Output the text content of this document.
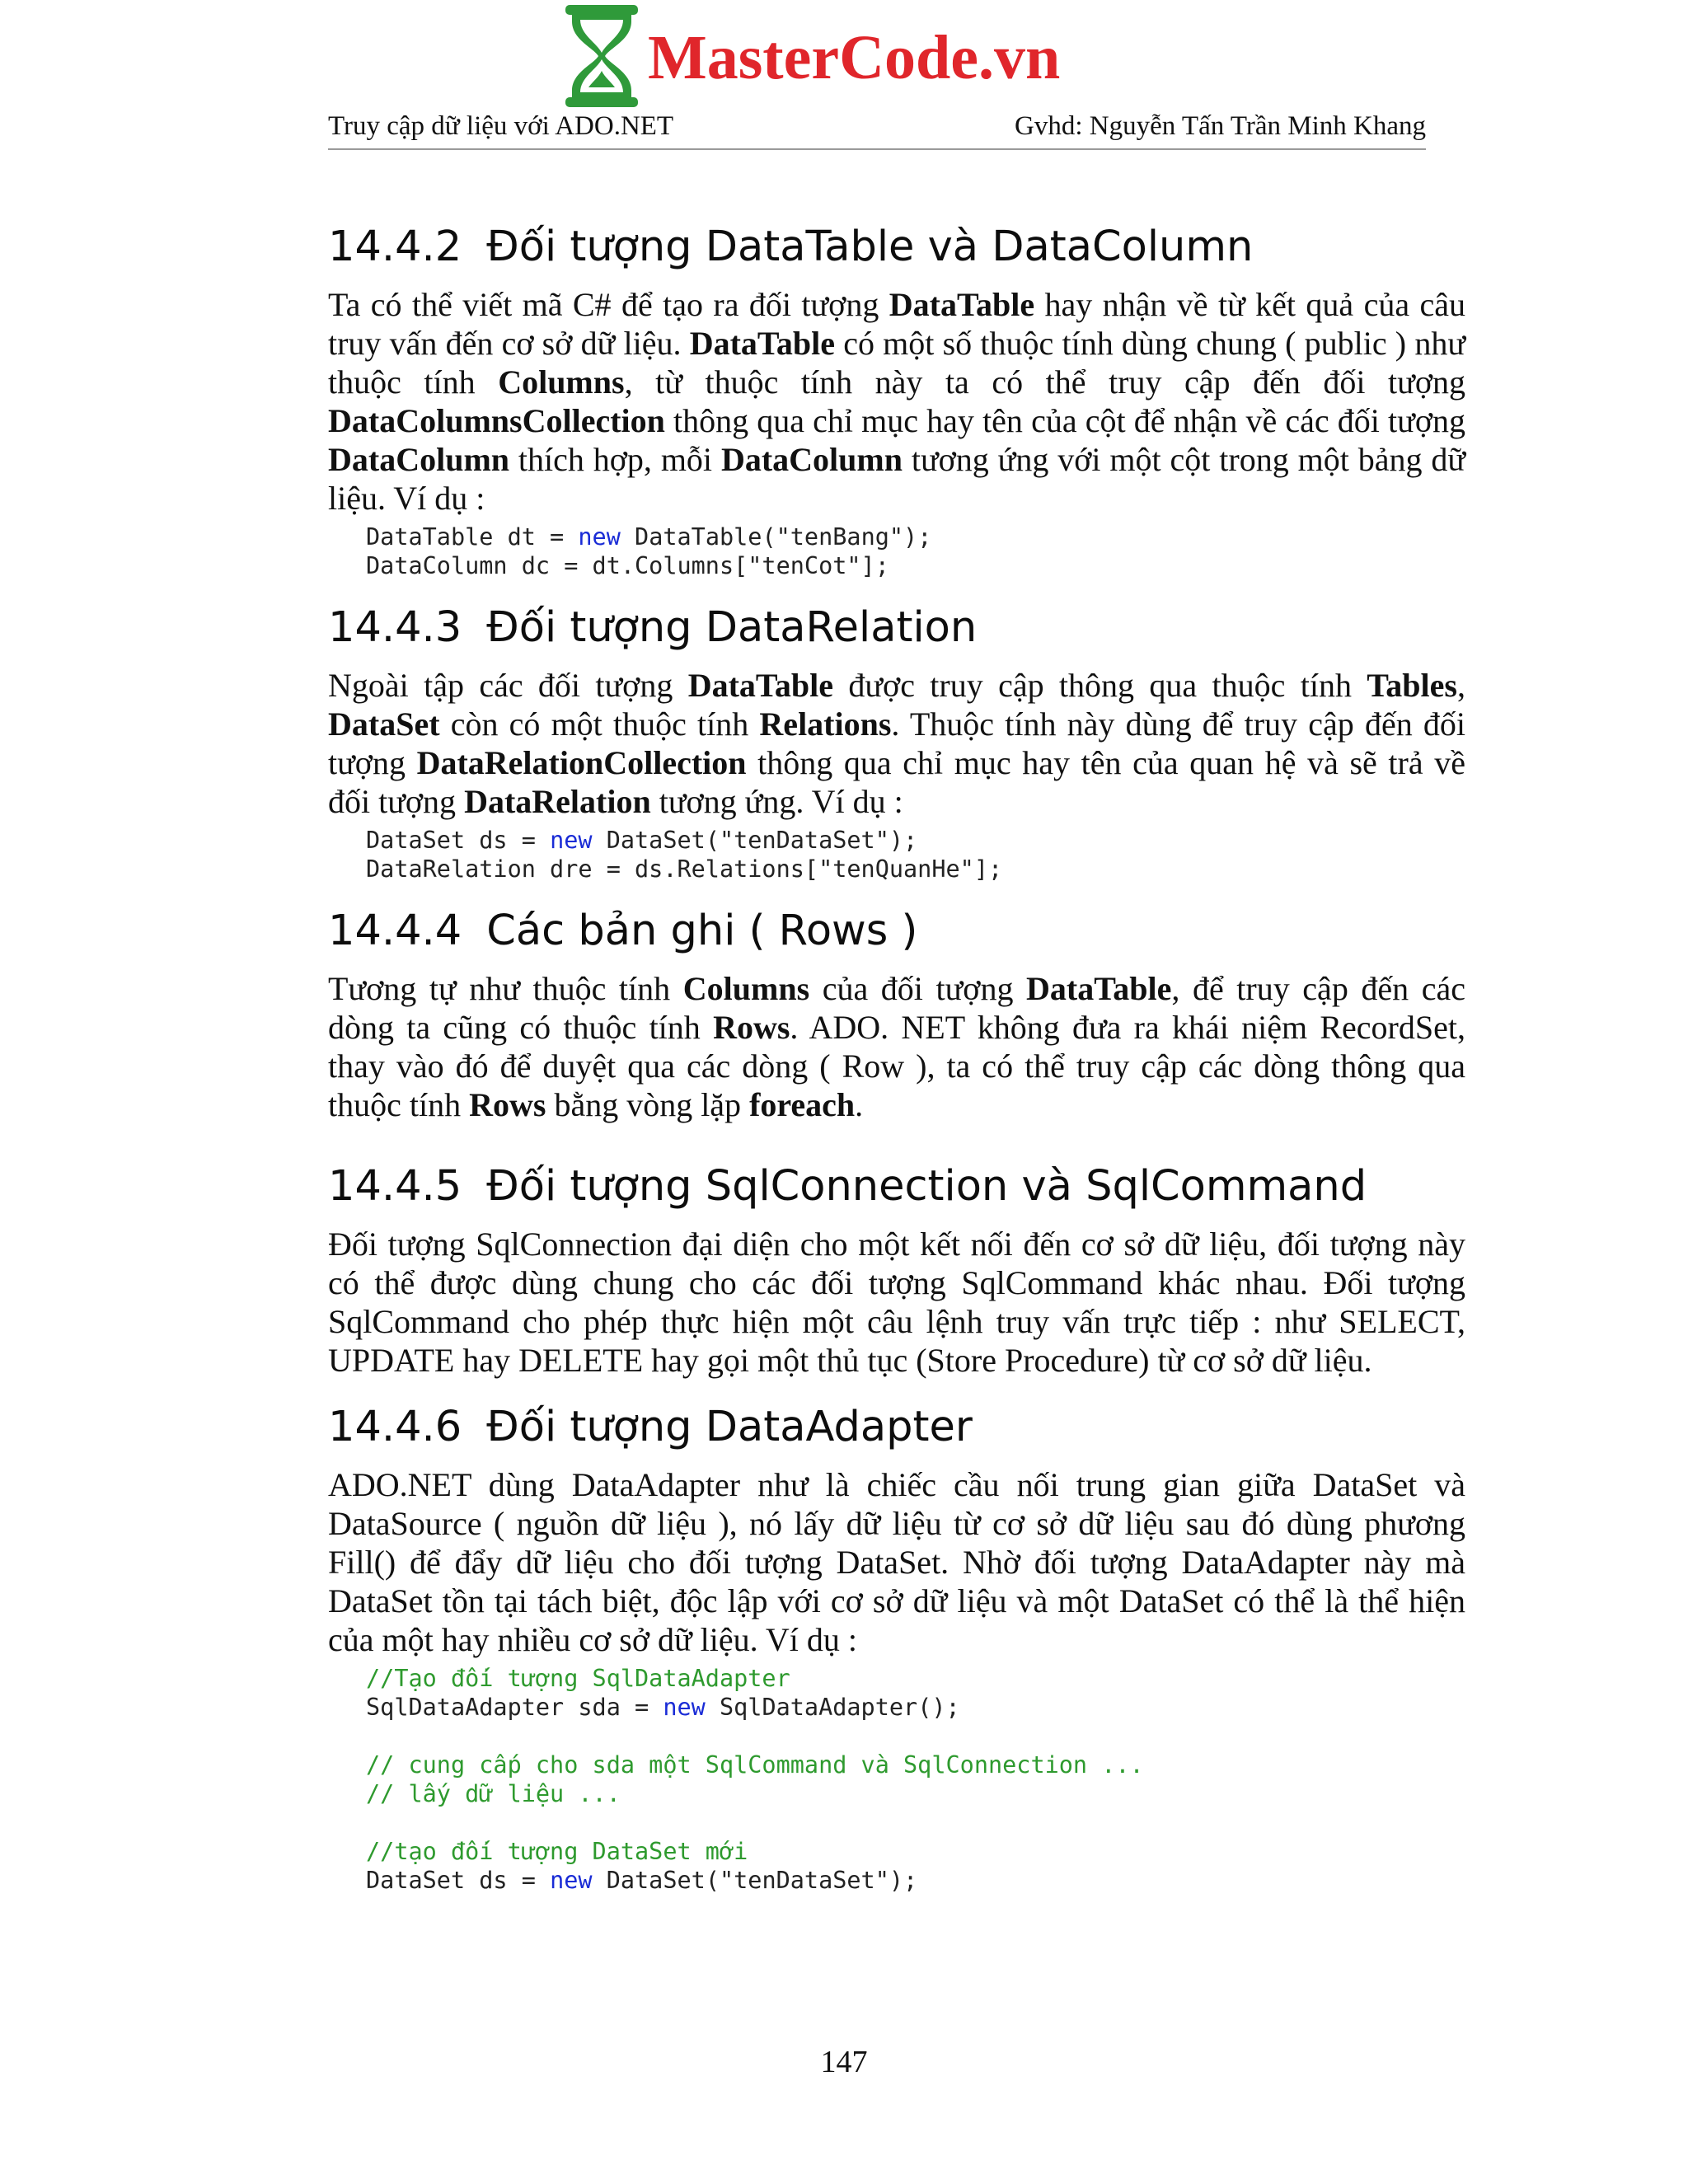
MasterCode.vn
Truy cập dữ liệu với ADO.NET	Gvhd: Nguyễn Tấn Trần Minh Khang
14.4.2 Đối tượng DataTable và DataColumn

Ta có thể viết mã C# để tạo ra đối tượng DataTable hay nhận về từ kết quả của câu truy vấn đến cơ sở dữ liệu. DataTable có một số thuộc tính dùng chung ( public ) như thuộc tính Columns, từ thuộc tính này ta có thể truy cập đến đối tượng DataColumnsCollection thông qua chỉ mục hay tên của cột để nhận về các đối tượng DataColumn thích hợp, mỗi DataColumn tương ứng với một cột trong một bảng dữ liệu. Ví dụ :

DataTable dt = new DataTable("tenBang");
DataColumn dc = dt.Columns["tenCot"];
14.4.3 Đối tượng DataRelation

Ngoài tập các đối tượng DataTable được truy cập thông qua thuộc tính Tables, DataSet còn có một thuộc tính Relations. Thuộc tính này dùng để truy cập đến đối tượng DataRelationCollection thông qua chỉ mục hay tên của quan hệ và sẽ trả về đối tượng DataRelation tương ứng. Ví dụ :

DataSet ds = new DataSet("tenDataSet");
DataRelation dre = ds.Relations["tenQuanHe"];
14.4.4 Các bản ghi ( Rows )

Tương tự như thuộc tính Columns của đối tượng DataTable, để truy cập đến các dòng ta cũng có thuộc tính Rows. ADO. NET không đưa ra khái niệm RecordSet, thay vào đó để duyệt qua các dòng ( Row ), ta có thể truy cập các dòng thông qua thuộc tính Rows bằng vòng lặp foreach.

14.4.5 Đối tượng SqlConnection và SqlCommand

Đối tượng SqlConnection đại diện cho một kết nối đến cơ sở dữ liệu, đối tượng này có thể được dùng chung cho các đối tượng SqlCommand khác nhau. Đối tượng SqlCommand cho phép thực hiện một câu lệnh truy vấn trực tiếp : như SELECT, UPDATE hay DELETE hay gọi một thủ tục (Store Procedure) từ cơ sở dữ liệu.

14.4.6 Đối tượng DataAdapter

ADO.NET dùng DataAdapter như là chiếc cầu nối trung gian giữa DataSet và DataSource ( nguồn dữ liệu ), nó lấy dữ liệu từ cơ sở dữ liệu sau đó dùng phương Fill() để đẩy dữ liệu cho đối tượng DataSet. Nhờ đối tượng DataAdapter này mà DataSet tồn tại tách biệt, độc lập với cơ sở dữ liệu và một DataSet có thể là thể hiện của một hay nhiều cơ sở dữ liệu. Ví dụ :

//Tạo đối tượng SqlDataAdapter
SqlDataAdapter sda = new SqlDataAdapter();

// cung cấp cho sda một SqlCommand và SqlConnection ...
// lấy dữ liệu ...

//tạo đối tượng DataSet mới
DataSet ds = new DataSet("tenDataSet");
147
